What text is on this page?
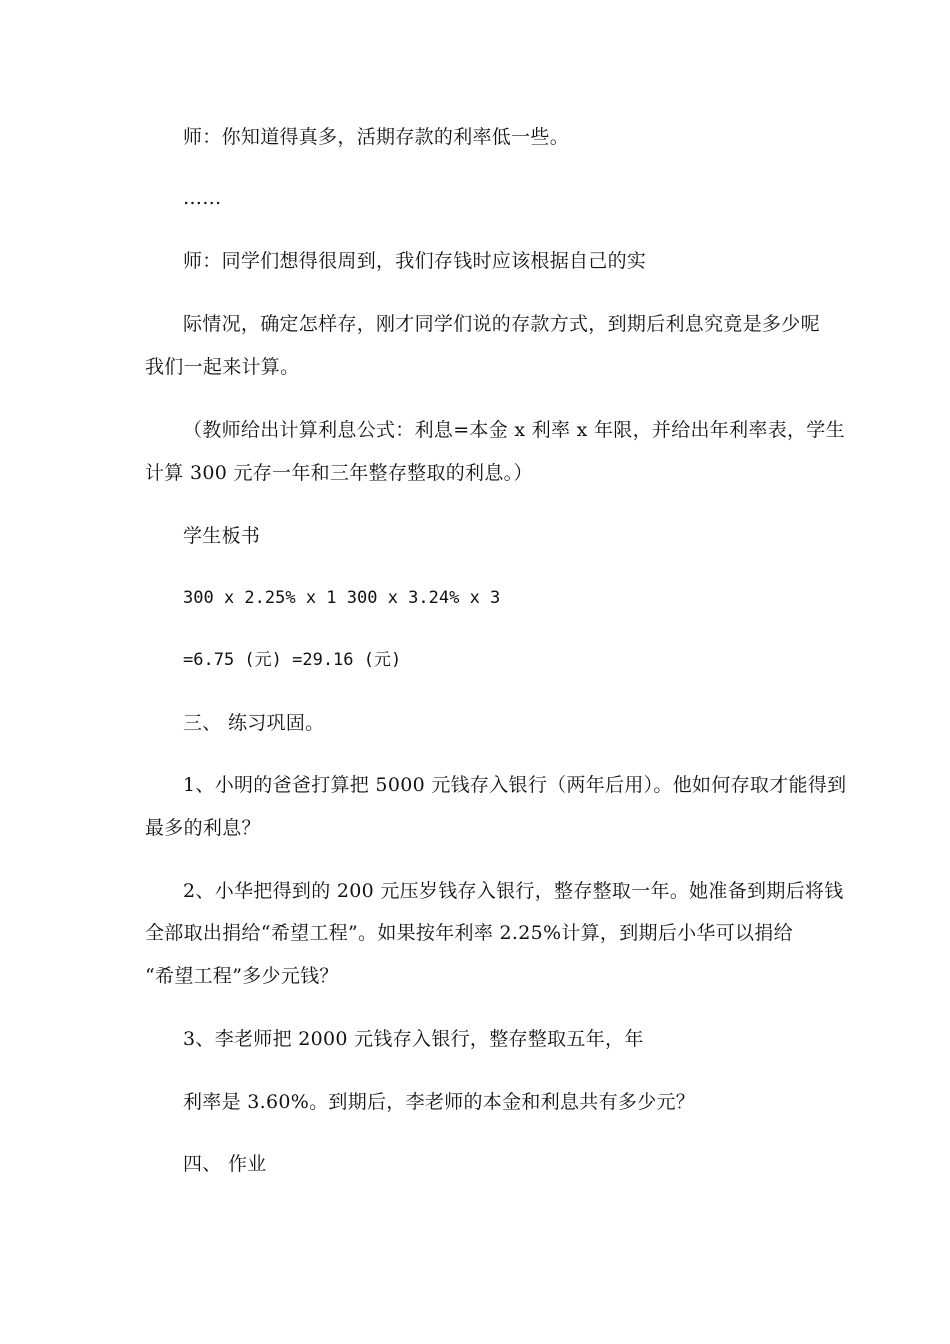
师：你知道得真多，活期存款的利率低一些。
……
师：同学们想得很周到，我们存钱时应该根据自己的实
际情况，确定怎样存，刚才同学们说的存款方式，到期后利息究竟是多少呢
我们一起来计算。
（教师给出计算利息公式：利息=本金 x 利率 x 年限，并给出年利率表，学生
计算 300 元存一年和三年整存整取的利息。）
学生板书
300 x 2.25% x 1 300 x 3.24% x 3
=6.75 (元) =29.16 (元)
三、 练习巩固。
1、小明的爸爸打算把 5000 元钱存入银行（两年后用）。他如何存取才能得到
最多的利息？
2、小华把得到的 200 元压岁钱存入银行，整存整取一年。她准备到期后将钱
全部取出捐给“希望工程”。如果按年利率 2.25%计算，到期后小华可以捐给
“希望工程”多少元钱？
3、李老师把 2000 元钱存入银行，整存整取五年，年
利率是 3.60%。到期后，李老师的本金和利息共有多少元？
四、 作业
